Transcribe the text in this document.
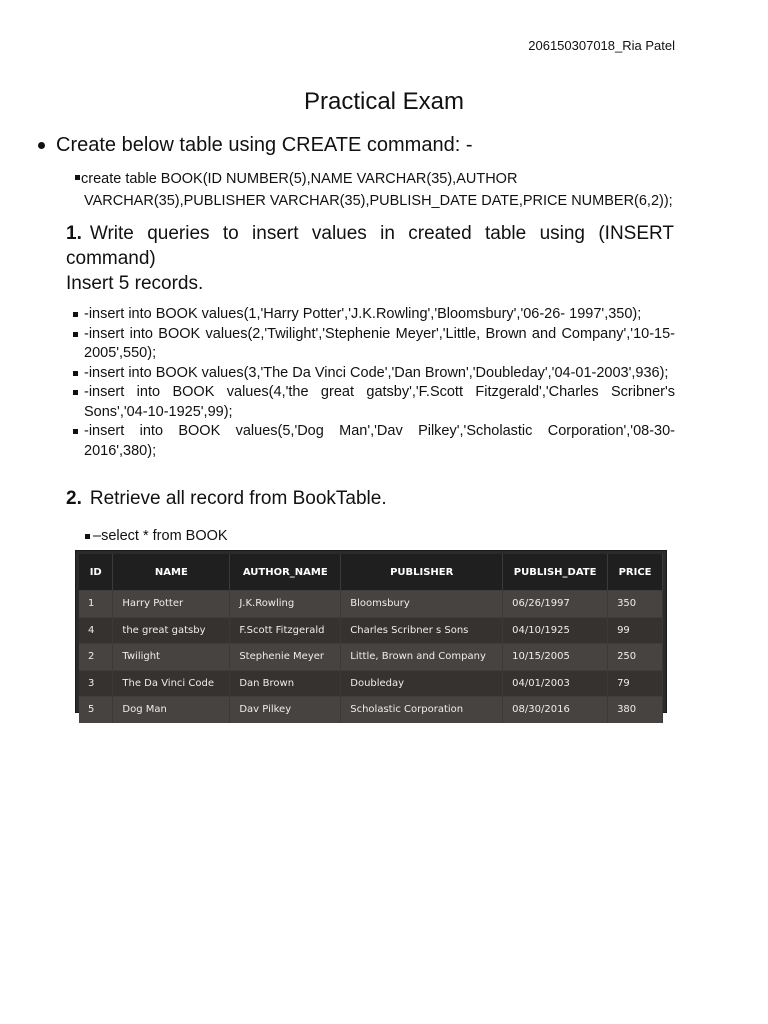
206150307018_Ria Patel
Practical Exam
Create below table using CREATE command: -
create table BOOK(ID NUMBER(5),NAME VARCHAR(35),AUTHOR
VARCHAR(35),PUBLISHER VARCHAR(35),PUBLISH_DATE DATE,PRICE NUMBER(6,2));
1. Write queries to insert values in created table using (INSERT command)
Insert 5 records.
-insert into BOOK values(1,'Harry Potter','J.K.Rowling','Bloomsbury','06-26- 1997',350);
-insert into BOOK values(2,'Twilight','Stephenie Meyer','Little, Brown and Company','10-15-2005',550);
-insert into BOOK values(3,'The Da Vinci Code','Dan Brown','Doubleday','04-01-2003',936);
-insert into BOOK values(4,'the great gatsby','F.Scott Fitzgerald','Charles Scribner's Sons','04-10-1925',99);
-insert into BOOK values(5,'Dog Man','Dav Pilkey','Scholastic Corporation','08-30-2016',380);
2. Retrieve all record from BookTable.
–select * from BOOK
ID	NAME	AUTHOR_NAME	PUBLISHER	PUBLISH_DATE	PRICE
1	Harry Potter	J.K.Rowling	Bloomsbury	06/26/1997	350
4	the great gatsby	F.Scott Fitzgerald	Charles Scribner s Sons	04/10/1925	99
2	Twilight	Stephenie Meyer	Little, Brown and Company	10/15/2005	250
3	The Da Vinci Code	Dan Brown	Doubleday	04/01/2003	79
5	Dog Man	Dav Pilkey	Scholastic Corporation	08/30/2016	380
